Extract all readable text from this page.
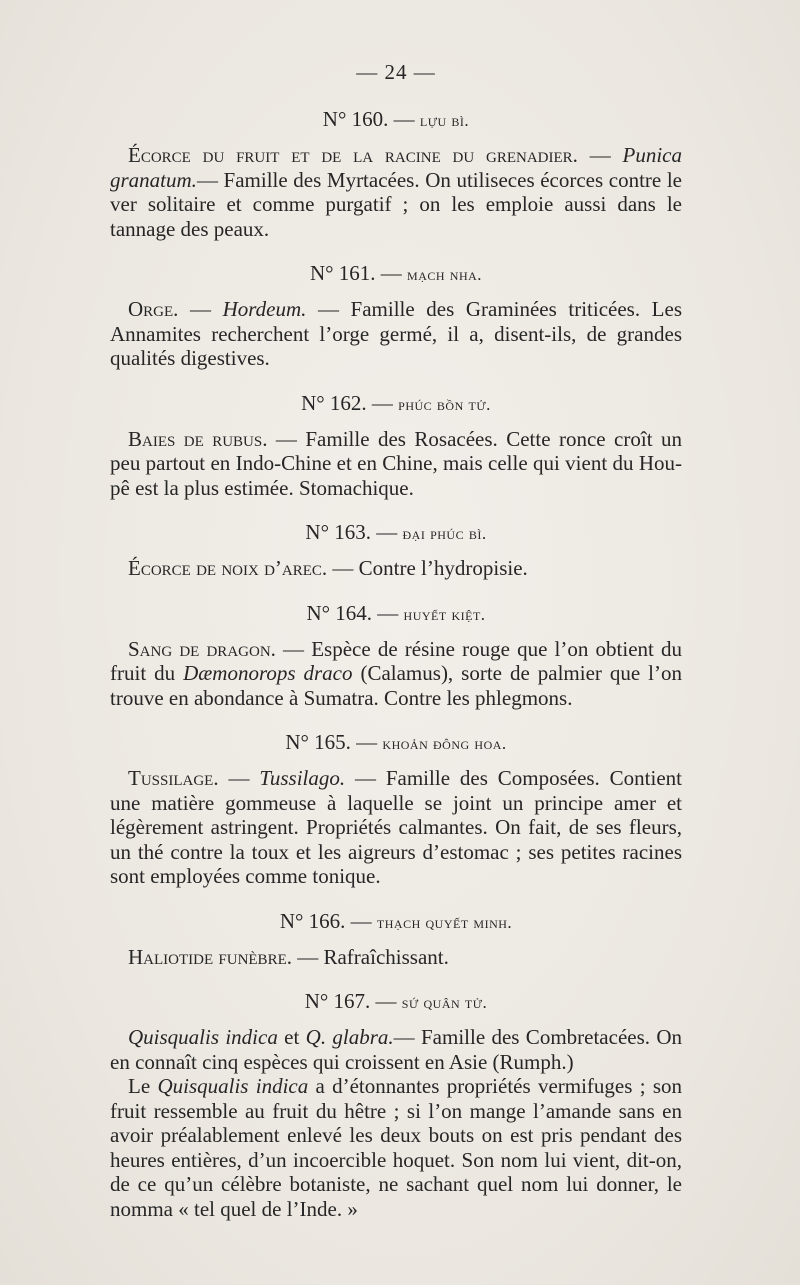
— 24 —
N° 160. — lựu bì.

Écorce du fruit et de la racine du grenadier. — Punica granatum.— Famille des Myrtacées. On utiliseces écorces contre le ver solitaire et comme purgatif ; on les emploie aussi dans le tannage des peaux.

N° 161. — mạch nha.

Orge. — Hordeum. — Famille des Graminées triticées. Les Annamites recherchent l’orge germé, il a, disent-ils, de grandes qualités digestives.

N° 162. — phúc bồn tử.

Baies de rubus. — Famille des Rosacées. Cette ronce croît un peu partout en Indo-Chine et en Chine, mais celle qui vient du Hou-pê est la plus estimée. Stomachique.

N° 163. — đại phúc bì.

Écorce de noix d’arec. — Contre l’hydropisie.

N° 164. — huyết kiệt.

Sang de dragon. — Espèce de résine rouge que l’on obtient du fruit du Dæmonorops draco (Calamus), sorte de palmier que l’on trouve en abondance à Sumatra. Contre les phlegmons.

N° 165. — khoản đông hoa.

Tussilage. — Tussilago. — Famille des Composées. Contient une matière gommeuse à laquelle se joint un principe amer et légèrement astringent. Propriétés calmantes. On fait, de ses fleurs, un thé contre la toux et les aigreurs d’estomac ; ses petites racines sont employées comme tonique.

N° 166. — thạch quyết minh.

Haliotide funèbre. — Rafraîchissant.

N° 167. — sứ quân tử.

Quisqualis indica et Q. glabra.— Famille des Combretacées. On en connaît cinq espèces qui croissent en Asie (Rumph.)

Le Quisqualis indica a d’étonnantes propriétés vermifuges ; son fruit ressemble au fruit du hêtre ; si l’on mange l’amande sans en avoir préalablement enlevé les deux bouts on est pris pendant des heures entières, d’un incoercible hoquet. Son nom lui vient, dit-on, de ce qu’un célèbre botaniste, ne sachant quel nom lui donner, le nomma « tel quel de l’Inde. »
